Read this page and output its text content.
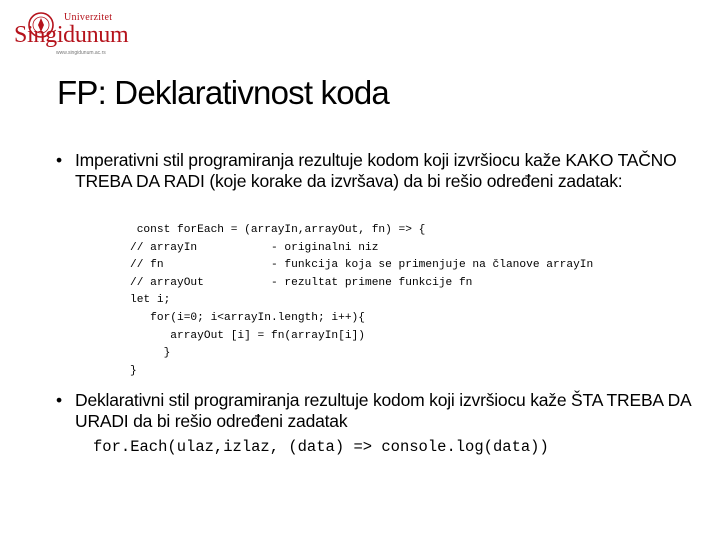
Univerzitet
Singidunum
www.singidunum.ac.rs
FP: Deklarativnost koda
• Imperativni stil programiranja rezultuje kodom koji izvršiocu kaže KAKO TAČNO TREBA DA RADI (koje korake da izvršava) da bi rešio određeni zadatak:
const forEach = (arrayIn,arrayOut, fn) => {
// arrayIn           - originalni niz
// fn                - funkcija koja se primenjuje na članove arrayIn
// arrayOut          - rezultat primene funkcije fn
let i;
for(i=0; i<arrayIn.length; i++){
arrayOut [i] = fn(arrayIn[i])
}
}
• Deklarativni stil programiranja rezultuje kodom koji izvršiocu kaže ŠTA TREBA DA URADI da bi rešio određeni zadatak
for.Each(ulaz,izlaz, (data) => console.log(data))
